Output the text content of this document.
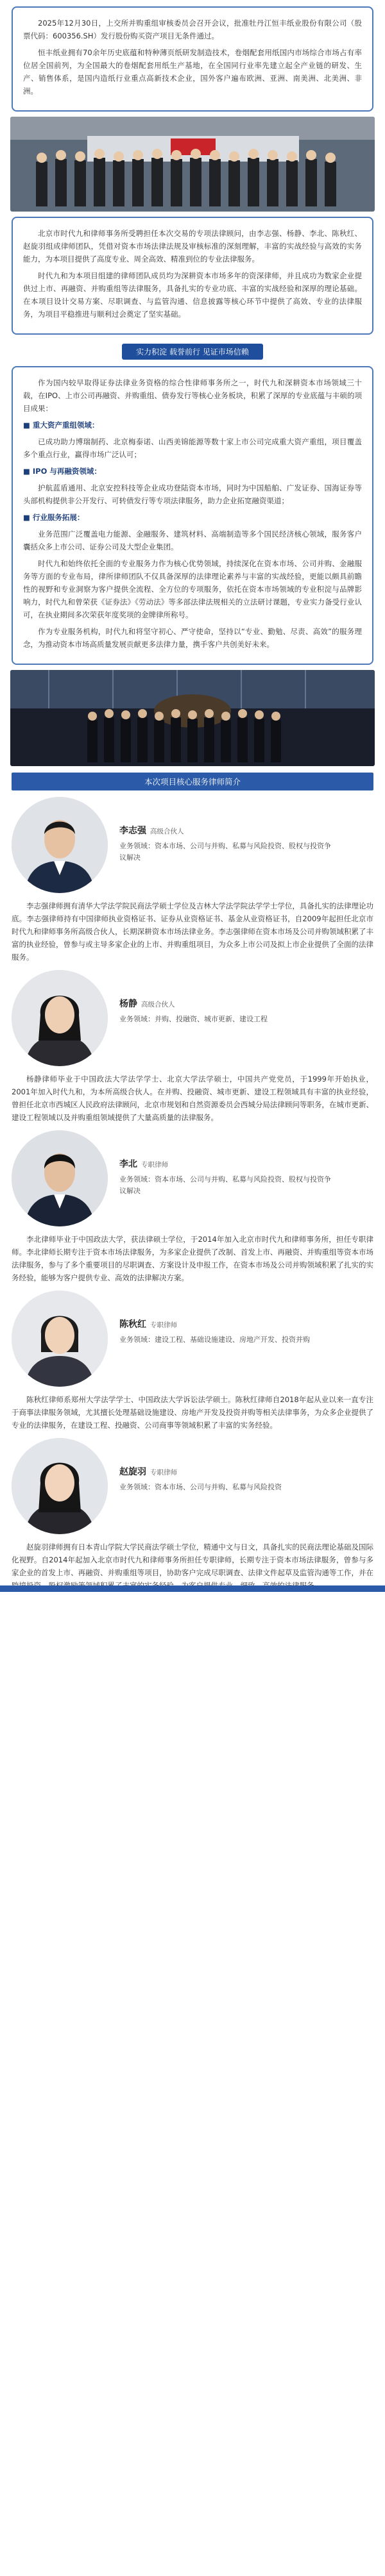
2025年12月30日，上交所并购重组审核委员会召开会议，批准牡丹江恒丰纸业股份有限公司（股票代码：600356.SH）发行股份购买资产项目无条件通过。

恒丰纸业拥有70余年历史底蕴和特种薄页纸研发制造技术，卷烟配套用纸国内市场综合市场占有率位居全国前列，为全国最大的卷烟配套用纸生产基地，在全国同行业率先建立起全产业链的研发、生产、销售体系，是国内造纸行业重点高新技术企业，国外客户遍布欧洲、亚洲、南美洲、北美洲、非洲。

北京市时代九和律师事务所受聘担任本次交易的专项法律顾问，由李志强、杨静、李北、陈秋红、赵旋羽组成律师团队，凭借对资本市场法律法规及审核标准的深刻理解，丰富的实战经验与高效的实务能力，为本项目提供了高度专业、周全高效、精准到位的专业法律服务。

时代九和为本项目组建的律师团队成员均为深耕资本市场多年的资深律师，并且成功为数家企业提供过上市、再融资、并购重组等法律服务，具备扎实的专业功底、丰富的实战经验和深厚的理论基础。在本项目设计交易方案、尽职调查、与监管沟通、信息披露等核心环节中提供了高效、专业的法律服务，为项目平稳推进与顺利过会奠定了坚实基础。

实力积淀 载誉前行 见证市场信赖

作为国内较早取得证券法律业务资格的综合性律师事务所之一，时代九和深耕资本市场领域三十载，在IPO、上市公司再融资、并购重组、债券发行等核心业务板块，积累了深厚的专业底蕴与丰硕的项目成果：

■ 重大资产重组领域：

已成功助力博瑞制药、北京梅泰诺、山西美锦能源等数十家上市公司完成重大资产重组，项目覆盖多个重点行业，赢得市场广泛认可；

■ IPO 与再融资领域：

护航蓝盾通用、北京安控科技等企业成功登陆资本市场，同时为中国船舶、广发证券、国海证券等头部机构提供非公开发行、可转债发行等专项法律服务，助力企业拓宽融资渠道；

■ 行业服务拓展：

业务范围广泛覆盖电力能源、金融服务、建筑材料、高端制造等多个国民经济核心领域，服务客户囊括众多上市公司、证券公司及大型企业集团。

时代九和始终依托全面的专业服务力作为核心优势领域，持续深化在资本市场、公司并购、金融服务等方面的专业布局，律所律师团队不仅具备深厚的法律理论素养与丰富的实战经验，更能以颇具前瞻性的视野和专业洞察为客户提供全流程、全方位的专项服务，依托在资本市场领域的专业积淀与品牌影响力，时代九和曾荣获《证券法》《劳动法》等多部法律法规相关的立法研讨课题，专业实力备受行业认可，在执业期间多次荣获年度奖项的金牌律所称号。

作为专业服务机构，时代九和将坚守初心、严守使命，坚持以“专业、勤勉、尽责、高效”的服务理念，为推动资本市场高质量发展贡献更多法律力量，携手客户共创美好未来。

本次项目核心服务律师简介
李志强 高级合伙人
业务领域：资本市场、公司与并购、私募与风险投资、股权与投资争议解决

李志强律师拥有清华大学法学院民商法学硕士学位及吉林大学法学院法学学士学位，具备扎实的法律理论功底。李志强律师持有中国律师执业资格证书、证券从业资格证书、基金从业资格证书，自2009年起担任北京市时代九和律师事务所高级合伙人，长期深耕资本市场法律业务。李志强律师在资本市场及公司并购领域积累了丰富的执业经验，曾参与或主导多家企业的上市、并购重组项目，为众多上市公司及拟上市企业提供了全面的法律服务。

杨静 高级合伙人
业务领域：并购、投融资、城市更新、建设工程

杨静律师毕业于中国政法大学法学学士、北京大学法学硕士，中国共产党党员，于1999年开始执业，2001年加入时代九和，为本所高级合伙人。在并购、投融资、城市更新、建设工程领域具有丰富的执业经验，曾担任北京市西城区人民政府法律顾问，北京市规划和自然资源委员会西城分局法律顾问等职务，在城市更新、建设工程领域以及并购重组领域提供了大量高质量的法律服务。

李北 专职律师
业务领域：资本市场、公司与并购、私募与风险投资、股权与投资争议解决

李北律师毕业于中国政法大学，获法律硕士学位，于2014年加入北京市时代九和律师事务所，担任专职律师。李北律师长期专注于资本市场法律服务，为多家企业提供了改制、首发上市、再融资、并购重组等资本市场法律服务，参与了多个重要项目的尽职调查、方案设计及申报工作，在资本市场及公司并购领域积累了扎实的实务经验，能够为客户提供专业、高效的法律解决方案。

陈秋红 专职律师
业务领域：建设工程、基础设施建设、房地产开发、投资并购

陈秋红律师系郑州大学法学学士、中国政法大学诉讼法学硕士。陈秋红律师自2018年起从业以来一直专注于商事法律服务领域，尤其擅长处理基础设施建设、房地产开发及投资并购等相关法律事务，为众多企业提供了专业的法律服务，在建设工程、投融资、公司商事等领域积累了丰富的实务经验。

赵旋羽 专职律师
业务领域：资本市场、公司与并购、私募与风险投资

赵旋羽律师拥有日本青山学院大学民商法学硕士学位，精通中文与日文，具备扎实的民商法理论基础及国际化视野。自2014年起加入北京市时代九和律师事务所担任专职律师，长期专注于资本市场法律服务，曾参与多家企业的首发上市、再融资、并购重组等项目，协助客户完成尽职调查、法律文件起草及监管沟通等工作，并在
